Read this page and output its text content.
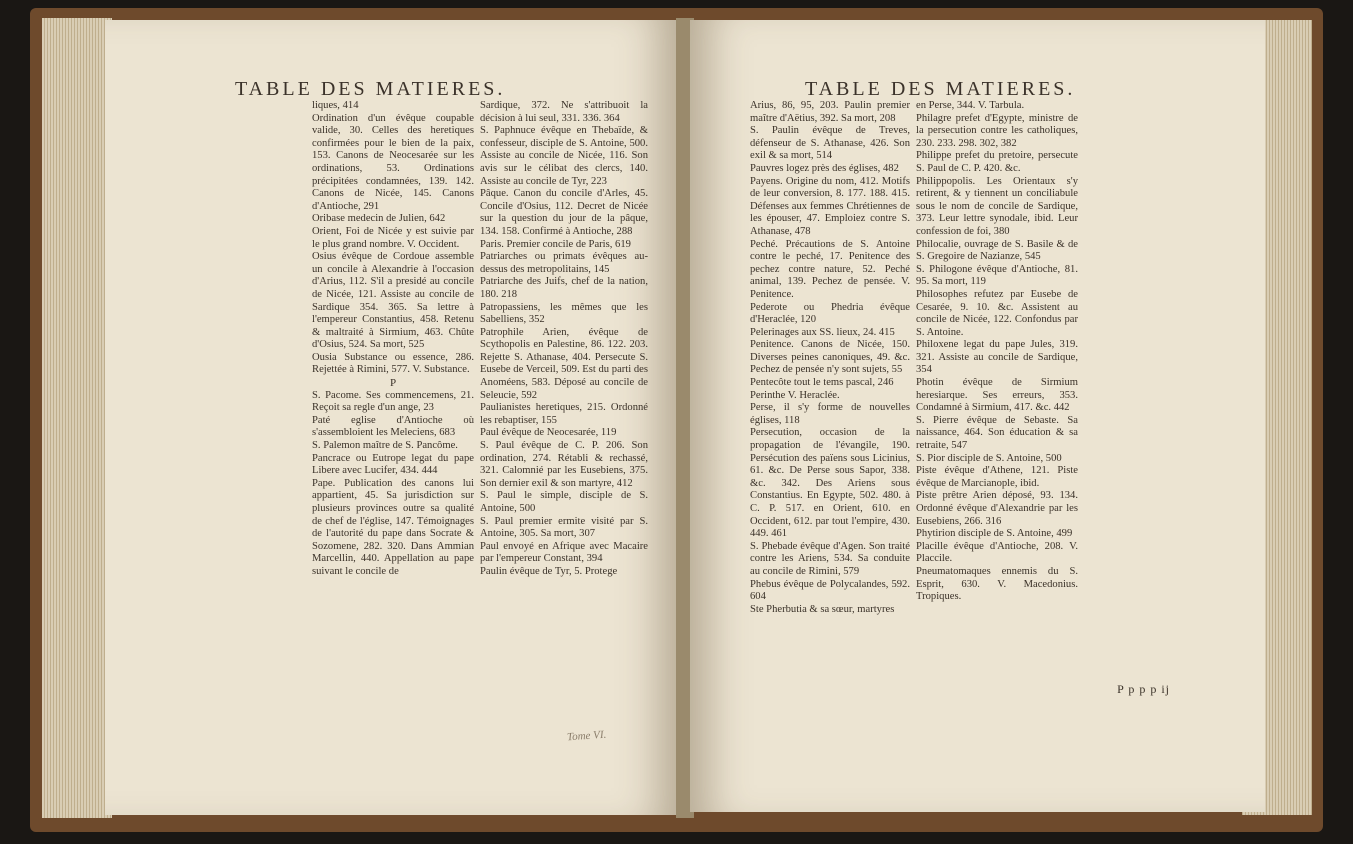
TABLE DES MATIERES.

liques, 414

Ordination d'un évêque coupable valide, 30. Celles des heretiques confirmées pour le bien de la paix, 153. Canons de Neocesarée sur les ordinations, 53. Ordinations précipitées condamnées, 139. 142. Canons de Nicée, 145. Canons d'Antioche, 291

Oribase medecin de Julien, 642

Orient, Foi de Nicée y est suivie par le plus grand nombre. V. Occident.

Osius évêque de Cordoue assemble un concile à Alexandrie à l'occasion d'Arius, 112. S'il a presidé au concile de Nicée, 121. Assiste au concile de Sardique 354. 365. Sa lettre à l'empereur Constantius, 458. Retenu & maltraité à Sirmium, 463. Chûte d'Osius, 524. Sa mort, 525

Ousia Substance ou essence, 286. Rejettée à Rimini, 577. V. Substance.

P

S. Pacome. Ses commencemens, 21. Reçoit sa regle d'un ange, 23

Paté eglise d'Antioche où s'assembloient les Meleciens, 683

S. Palemon maître de S. Pancôme.

Pancrace ou Eutrope legat du pape Libere avec Lucifer, 434. 444

Pape. Publication des canons lui appartient, 45. Sa jurisdiction sur plusieurs provinces outre sa qualité de chef de l'église, 147. Témoignages de l'autorité du pape dans Socrate & Sozomene, 282. 320. Dans Ammian Marcellin, 440. Appellation au pape suivant le concile de

Sardique, 372. Ne s'attribuoit la décision à lui seul, 331. 336. 364

S. Paphnuce évêque en Thebaïde, & confesseur, disciple de S. Antoine, 500. Assiste au concile de Nicée, 116. Son avis sur le célibat des clercs, 140. Assiste au concile de Tyr, 223

Pâque. Canon du concile d'Arles, 45. Concile d'Osius, 112. Decret de Nicée sur la question du jour de la pâque, 134. 158. Confirmé à Antioche, 288

Paris. Premier concile de Paris, 619

Patriarches ou primats évêques au-dessus des metropolitains, 145

Patriarche des Juifs, chef de la nation, 180. 218

Patropassiens, les mêmes que les Sabelliens, 352

Patrophile Arien, évêque de Scythopolis en Palestine, 86. 122. 203. Rejette S. Athanase, 404. Persecute S. Eusebe de Verceil, 509. Est du parti des Anoméens, 583. Déposé au concile de Seleucie, 592

Paulianistes heretiques, 215. Ordonné les rebaptiser, 155

Paul évêque de Neocesarée, 119

S. Paul évêque de C. P. 206. Son ordination, 274. Rétabli & rechassé, 321. Calomnié par les Eusebiens, 375. Son dernier exil & son martyre, 412

S. Paul le simple, disciple de S. Antoine, 500

S. Paul premier ermite visité par S. Antoine, 305. Sa mort, 307

Paul envoyé en Afrique avec Macaire par l'empereur Constant, 394

Paulin évêque de Tyr, 5. Protege

Tome VI.
TABLE DES MATIERES.

Arius, 86, 95, 203. Paulin premier maître d'Aëtius, 392. Sa mort, 208

S. Paulin évêque de Treves, défenseur de S. Athanase, 426. Son exil & sa mort, 514

Pauvres logez près des églises, 482

Payens. Origine du nom, 412. Motifs de leur conversion, 8. 177. 188. 415. Défenses aux femmes Chrétiennes de les épouser, 47. Emploiez contre S. Athanase, 478

Peché. Précautions de S. Antoine contre le peché, 17. Penitence des pechez contre nature, 52. Peché animal, 139. Pechez de pensée. V. Penitence.

Pederote ou Phedria évêque d'Heraclée, 120

Pelerinages aux SS. lieux, 24. 415

Penitence. Canons de Nicée, 150. Diverses peines canoniques, 49. &c. Pechez de pensée n'y sont sujets, 55

Pentecôte tout le tems pascal, 246

Perinthe V. Heraclée.

Perse, il s'y forme de nouvelles églises, 118

Persecution, occasion de la propagation de l'évangile, 190. Persécution des païens sous Licinius, 61. &c. De Perse sous Sapor, 338. &c. 342. Des Ariens sous Constantius. En Egypte, 502. 480. à C. P. 517. en Orient, 610. en Occident, 612. par tout l'empire, 430. 449. 461

S. Phebade évêque d'Agen. Son traité contre les Ariens, 534. Sa conduite au concile de Rimini, 579

Phebus évêque de Polycalandes, 592. 604

Ste Pherbutia & sa sœur, martyres

en Perse, 344. V. Tarbula.

Philagre prefet d'Egypte, ministre de la persecution contre les catholiques, 230. 233. 298. 302, 382

Philippe prefet du pretoire, persecute S. Paul de C. P. 420. &c.

Philippopolis. Les Orientaux s'y retirent, & y tiennent un conciliabule sous le nom de concile de Sardique, 373. Leur lettre synodale, ibid. Leur confession de foi, 380

Philocalie, ouvrage de S. Basile & de S. Gregoire de Nazianze, 545

S. Philogone évêque d'Antioche, 81. 95. Sa mort, 119

Philosophes refutez par Eusebe de Cesarée, 9. 10. &c. Assistent au concile de Nicée, 122. Confondus par S. Antoine.

Philoxene legat du pape Jules, 319. 321. Assiste au concile de Sardique, 354

Photin évêque de Sirmium heresiarque. Ses erreurs, 353. Condamné à Sirmium, 417. &c. 442

S. Pierre évêque de Sebaste. Sa naissance, 464. Son éducation & sa retraite, 547

S. Pior disciple de S. Antoine, 500

Piste évêque d'Athene, 121. Piste évêque de Marcianople, ibid.

Piste prêtre Arien déposé, 93. 134. Ordonné évêque d'Alexandrie par les Eusebiens, 266. 316

Phytirion disciple de S. Antoine, 499

Placille évêque d'Antioche, 208. V. Placcile.

Pneumatomaques ennemis du S. Esprit, 630. V. Macedonius. Tropiques.

P p p p ij
